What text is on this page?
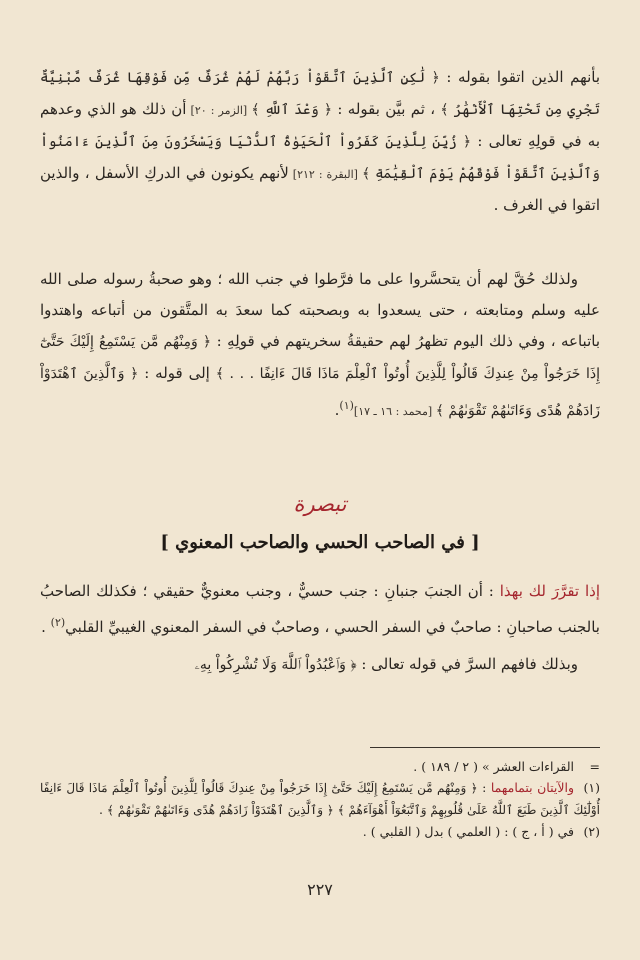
بأنهم الذين اتقوا بقوله : ﴿ لَٰكِنِ ٱلَّذِينَ ٱتَّقَوْاْ رَبَّهُمْ لَهُمْ غُرَفٌ مِّن فَوْقِهَا غُرَفٌ مَّبْنِيَّةٌ تَجْرِي مِن تَحْتِهَا ٱلْأَنْهَٰرُ ﴾ ، ثم بيَّن بقوله : ﴿ وَعْدَ ٱللَّهِ ﴾ [الزمر : ٢٠] أن ذلك هو الذي وعدهم به في قولِهِ تعالى : ﴿ زُيِّنَ لِلَّذِينَ كَفَرُواْ ٱلْحَيَوٰةُ ٱلدُّنْيَا وَيَسْخَرُونَ مِنَ ٱلَّذِينَ ءَامَنُواْ وَٱلَّذِينَ ٱتَّقَوْاْ فَوْقَهُمْ يَوْمَ ٱلْقِيَٰمَةِ ﴾ [البقرة : ٢١٢] لأنهم يكونون في الدركِ الأسفل ، والذين اتقوا في الغرف .

ولذلك حُقَّ لهم أن يتحسَّروا على ما فرَّطوا في جنب الله ؛ وهو صحبةُ رسوله صلى الله عليه وسلم ومتابعته ، حتى يسعدوا به وبصحبته كما سعدَ به المتَّقون من أتباعه واهتدوا باتباعه ، وفي ذلك اليوم تظهرُ لهم حقيقةُ سخريتهم في قولِهِ : ﴿ وَمِنْهُم مَّن يَسْتَمِعُ إِلَيْكَ حَتَّىٰٓ إِذَا خَرَجُواْ مِنْ عِندِكَ قَالُواْ لِلَّذِينَ أُوتُواْ ٱلْعِلْمَ مَاذَا قَالَ ءَانِفًا . . . ﴾ إلى قوله : ﴿ وَٱلَّذِينَ ٱهْتَدَوْاْ زَادَهُمْ هُدًى وَءَاتَىٰهُمْ تَقْوَىٰهُمْ ﴾ [محمد : ١٦ ـ ١٧]$^{(١)}$.

تبصرة
[ في الصاحب الحسي والصاحب المعنوي ]

إذا تقرَّرَ لك بهذا : أن الجنبَ جنبانِ : جنب حسيٌّ ، وجنب معنويٌّ حقيقي ؛ فكذلك الصاحبُ بالجنب صاحبانِ : صاحبٌ في السفر الحسي ، وصاحبٌ في السفر المعنوي الغيبيِّ القلبي$^{(٢)}$ .

وبذلك فافهم السرَّ في قوله تعالى : ﴿ وَٱعْبُدُواْ ٱللَّهَ وَلَا تُشْرِكُواْ بِهِۦ

=القراءات العشر » ( ٢ / ١٨٩ ) .

(١)والآيتان بتمامهما : ﴿ وَمِنْهُم مَّن يَسْتَمِعُ إِلَيْكَ حَتَّىٰٓ إِذَا خَرَجُواْ مِنْ عِندِكَ قَالُواْ لِلَّذِينَ أُوتُواْ ٱلْعِلْمَ مَاذَا قَالَ ءَانِفًا أُوْلَٰٓئِكَ ٱلَّذِينَ طَبَعَ ٱللَّهُ عَلَىٰ قُلُوبِهِمْ وَٱتَّبَعُوٓاْ أَهْوَآءَهُمْ ﴾ ﴿ وَٱلَّذِينَ ٱهْتَدَوْاْ زَادَهُمْ هُدًى وَءَاتَىٰهُمْ تَقْوَىٰهُمْ ﴾ .

(٢)في ( أ ، ج ) : ( العلمي ) بدل ( القلبي ) .

٢٢٧
